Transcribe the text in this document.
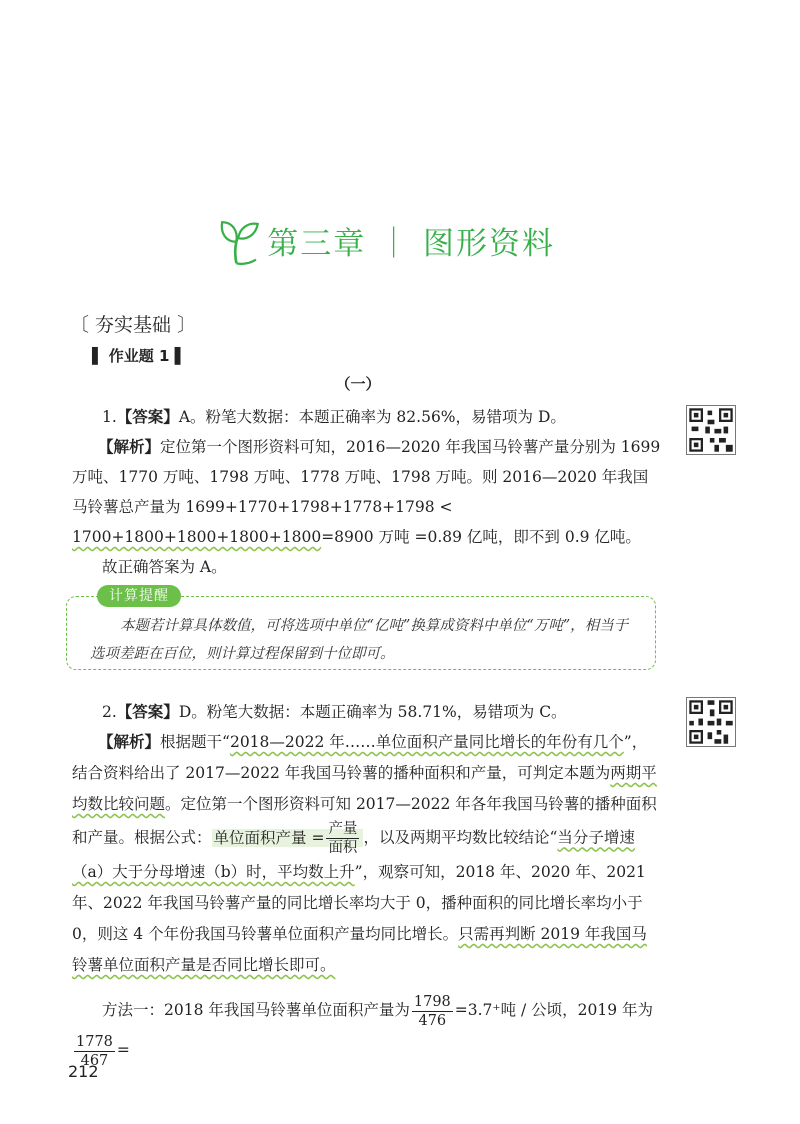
第三章 ｜ 图形资料
〔 夯实基础 〕
▌ 作业题 1 ▌
（一）
1.【答案】A。粉笔大数据：本题正确率为 82.56%，易错项为 D。
【解析】定位第一个图形资料可知，2016—2020 年我国马铃薯产量分别为 1699 万吨、1770 万吨、1798 万吨、1778 万吨、1798 万吨。则 2016—2020 年我国马铃薯总产量为 1699+1770+1798+1778+1798 < 1700+1800+1800+1800+1800=8900 万吨 =0.89 亿吨，即不到 0.9 亿吨。
故正确答案为 A。
计算提醒
本题若计算具体数值，可将选项中单位“亿吨”换算成资料中单位“万吨”，相当于选项差距在百位，则计算过程保留到十位即可。
2.【答案】D。粉笔大数据：本题正确率为 58.71%，易错项为 C。
【解析】根据题干“2018—2022 年……单位面积产量同比增长的年份有几个”，结合资料给出了 2017—2022 年我国马铃薯的播种面积和产量，可判定本题为两期平均数比较问题。定位第一个图形资料可知 2017—2022 年各年我国马铃薯的播种面积和产量。根据公式： 单位面积产量 = $\frac{\text{产量}}{\text{面积}}$ ，以及两期平均数比较结论“当分子增速（a）大于分母增速（b）时，平均数上升”，观察可知，2018 年、2020 年、2021 年、2022 年我国马铃薯产量的同比增长率均大于 0，播种面积的同比增长率均小于 0，则这 4 个年份我国马铃薯单位面积产量均同比增长。只需再判断 2019 年我国马铃薯单位面积产量是否同比增长即可。
方法一：2018 年我国马铃薯单位面积产量为 $\frac{1798}{476} =3.7^+$吨 / 公顷，2019 年为
$\frac{1778}{467}$ =
212
